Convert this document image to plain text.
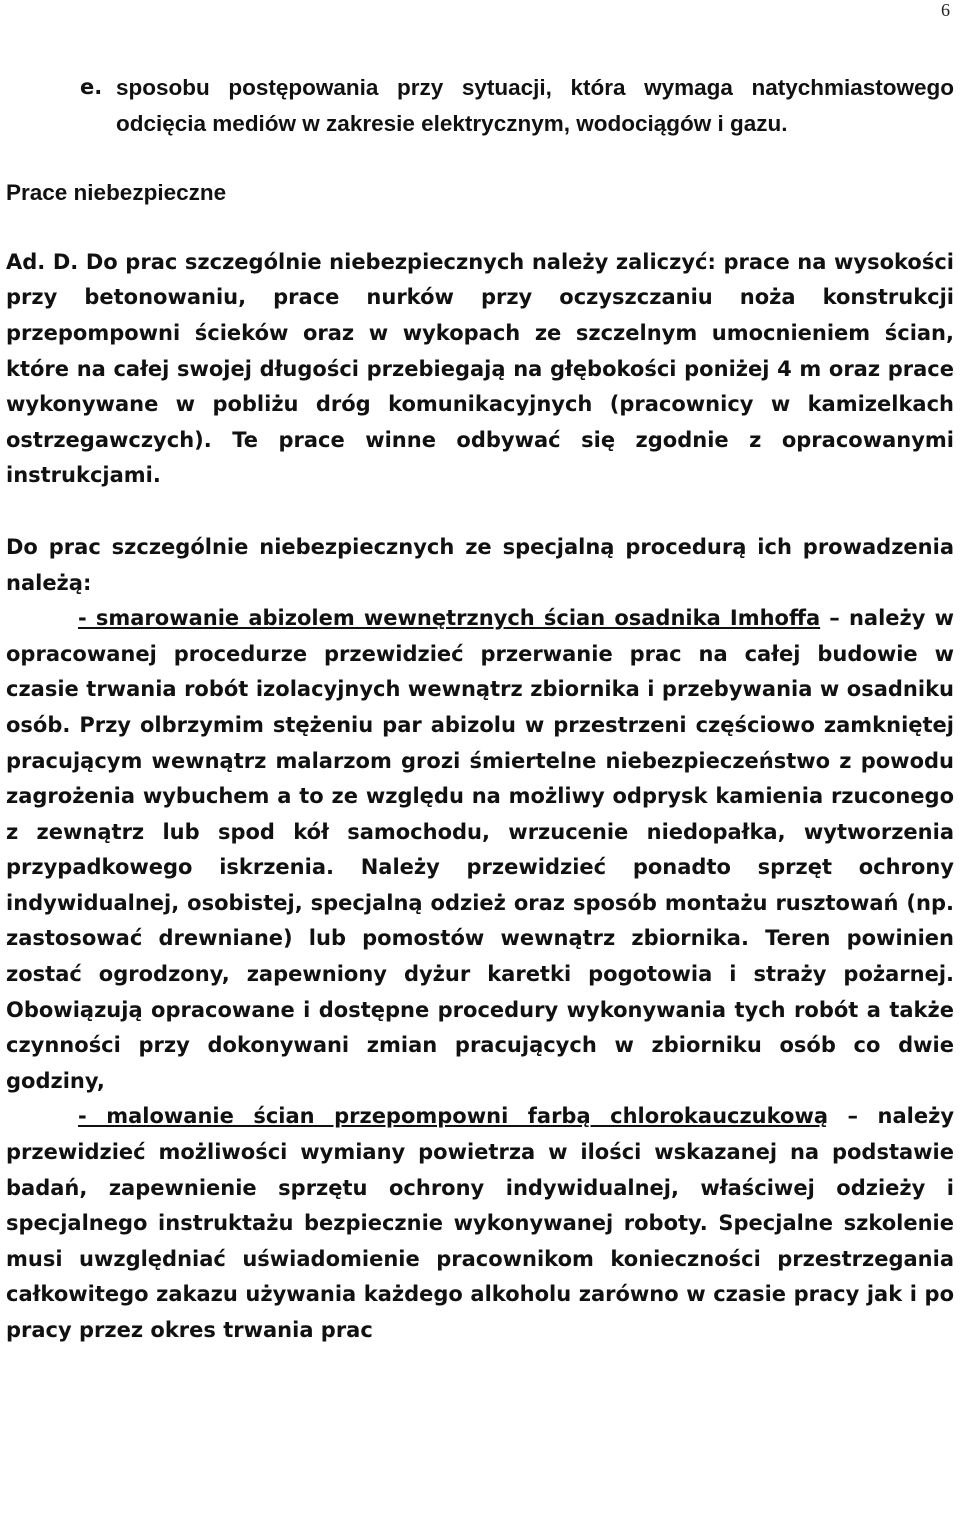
6
e. sposobu postępowania przy sytuacji, która wymaga natychmiastowego odcięcia mediów w zakresie elektrycznym, wodociągów i gazu.
Prace niebezpieczne

Ad. D. Do prac szczególnie niebezpiecznych należy zaliczyć: prace na wysokości przy betonowaniu, prace nurków przy oczyszczaniu noża konstrukcji przepompowni ścieków oraz w wykopach ze szczelnym umocnieniem ścian, które na całej swojej długości przebiegają na głębokości poniżej 4 m oraz prace wykonywane w pobliżu dróg komunikacyjnych (pracownicy w kamizelkach ostrzegawczych). Te prace winne odbywać się zgodnie z opracowanymi instrukcjami.

Do prac szczególnie niebezpiecznych ze specjalną procedurą ich prowadzenia należą:

- smarowanie abizolem wewnętrznych ścian osadnika Imhoffa – należy w opracowanej procedurze przewidzieć przerwanie prac na całej budowie w czasie trwania robót izolacyjnych wewnątrz zbiornika i przebywania w osadniku osób. Przy olbrzymim stężeniu par abizolu w przestrzeni częściowo zamkniętej pracującym wewnątrz malarzom grozi śmiertelne niebezpieczeństwo z powodu zagrożenia wybuchem a to ze względu na możliwy odprysk kamienia rzuconego z zewnątrz lub spod kół samochodu, wrzucenie niedopałka, wytworzenia przypadkowego iskrzenia. Należy przewidzieć ponadto sprzęt ochrony indywidualnej, osobistej, specjalną odzież oraz sposób montażu rusztowań (np. zastosować drewniane) lub pomostów wewnątrz zbiornika. Teren powinien zostać ogrodzony, zapewniony dyżur karetki pogotowia i straży pożarnej. Obowiązują opracowane i dostępne procedury wykonywania tych robót a także czynności przy dokonywani zmian pracujących w zbiorniku osób co dwie godziny,

- malowanie ścian przepompowni farbą chlorokauczukową – należy przewidzieć możliwości wymiany powietrza w ilości wskazanej na podstawie badań, zapewnienie sprzętu ochrony indywidualnej, właściwej odzieży i specjalnego instruktażu bezpiecznie wykonywanej roboty. Specjalne szkolenie musi uwzględniać uświadomienie pracownikom konieczności przestrzegania całkowitego zakazu używania każdego alkoholu zarówno w czasie pracy jak i po pracy przez okres trwania prac
